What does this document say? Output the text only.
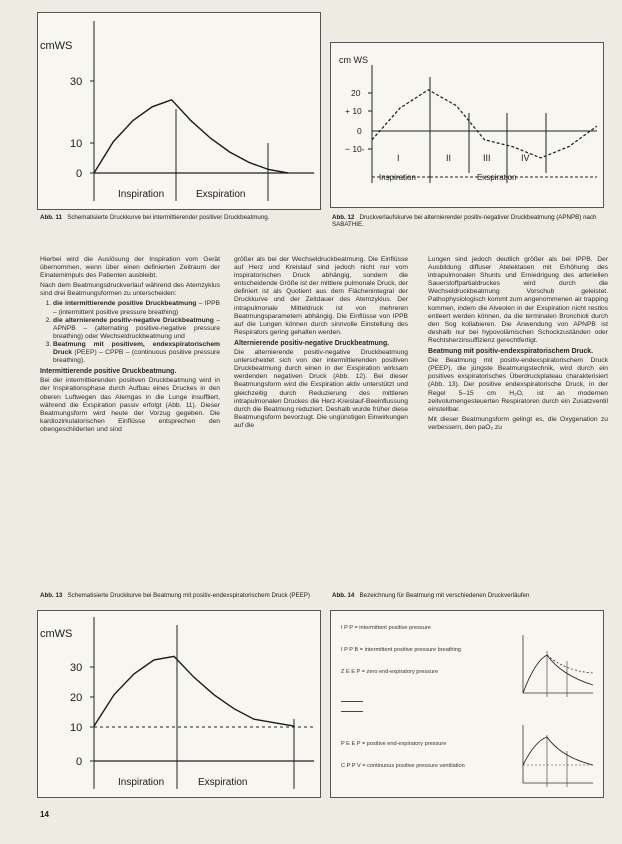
cmWS
30
10
0
Inspiration	Exspiration
Abb. 11 Schematisierte Druckkurve bei intermittierender positiver Druckbeatmung.
cm WS
20
+ 10
0
− 10-
I	II	III	IV
Inspiration	Exspiration
Abb. 12 Druckverlaufskurve bei alternierender positiv-negativer Druckbeatmung (APNPB) nach SABATHIE.

Hierbei wird die Auslösung der Inspiration vom Gerät übernommen, wenn über einen definierten Zeitraum der Einatemimpuls des Patienten ausbleibt.

Nach dem Beatmungsdruckverlauf während des Atemzyklus sind drei Beatmungsformen zu unterscheiden:

1. die intermittierende positive Druckbeatmung – IPPB – (intermittent positive pressure breathing)
2. die alternierende positiv-negative Druckbeatmung – APNPB – (alternating positive-negative pressure breathing) oder Wechseldruckbeatmung und
3. Beatmung mit positivem, endexspiratorischem Druck (PEEP) – CPPB – (continuous positive pressure breathing).
Intermittierende positive Druckbeatmung.

Bei der intermittierenden positiven Druckbeatmung wird in der Inspirationsphase durch Aufbau eines Druckes in den oberen Luftwegen das Atemgas in die Lunge insuffliert, während die Exspiration passiv erfolgt (Abb. 11). Dieser Beatmungsform wird heute der Vorzug gegeben. Die kardiozirkulatorischen Einflüsse entsprechen den obengeschilderten und sind

größer als bei der Wechseldruckbeatmung. Die Einflüsse auf Herz und Kreislauf sind jedoch nicht nur vom inspiratorischen Druck abhängig, sondern die entscheidende Größe ist der mittlere pulmonale Druck, der definiert ist als Quotient aus dem Flächenintegral der Druckkurve und der Zeitdauer des Atemzyklus. Der intrapulmonale Mitteldruck ist von mehreren Beatmungsparametern abhängig. Die Einflüsse von IPPB auf die Lungen können durch sinnvolle Einstellung des Respirators gering gehalten werden.

Alternierende positiv-negative Druckbeatmung.

Die alternierende positiv-negative Druckbeatmung unterscheidet sich von der intermittierenden positiven Druckbeatmung durch einen in der Exspiration wirksam werdenden negativen Druck (Abb. 12). Bei dieser Beatmungsform wird die Exspiration aktiv unterstützt und gleichzeitig durch Reduzierung des mittleren intrapulmonalen Druckes die Herz-Kreislauf-Beeinflussung durch die Beatmung reduziert. Deshalb wurde früher diese Beatmungsform bevorzugt. Die ungünstigen Einwirkungen auf die

Lungen sind jedoch deutlich größer als bei IPPB. Der Ausbildung diffuser Atelektasen mit Erhöhung des intrapulmonalen Shunts und Erniedrigung des arteriellen Sauerstoffpartialdruckes wird durch die Wechseldruckbeatmung Vorschub geleistet. Pathophysiologisch kommt zum angenommenen air trapping kommen, indem die Alveolen in der Exspiration nicht restlos entleert werden können, da die terminalen Bronchioli durch den Sog kollabieren. Die Anwendung von APNPB ist deshalb nur bei hypovolämischen Schockzuständen oder Rechtsherzinsuffizienz gerechtfertigt.

Beatmung mit positiv-endexspiratorischem Druck.

Die Beatmung mit positiv-endexspiratorischem Druck (PEEP), die jüngste Beatmungstechnik, wird durch ein positives exspiratorisches Überdruckplateau charakterisiert (Abb. 13). Der positive endexspiratorische Druck, in der Regel 5–15 cm H₂O, ist an modernen zeitvolumengesteuerten Respiratoren durch ein Zusatzventil einstellbar.

Mit dieser Beatmungsform gelingt es, die Oxygenation zu verbessern, den paO₂ zu

Abb. 13 Schematisierte Druckkurve bei Beatmung mit positiv-endexspiratorischem Druck (PEEP)
cmWS
30
20
10
0
Inspiration	Exspiration
Abb. 14 Bezeichnung für Beatmung mit verschiedenen Druckverläufen
I P P = intermittent positive pressure
I P P B = intermittent positive pressure breathing
Z E E P = zero end-expiratory pressure
P E E P = positive end-expiratory pressure
C P P V = continuous positive pressure ventilation
14
